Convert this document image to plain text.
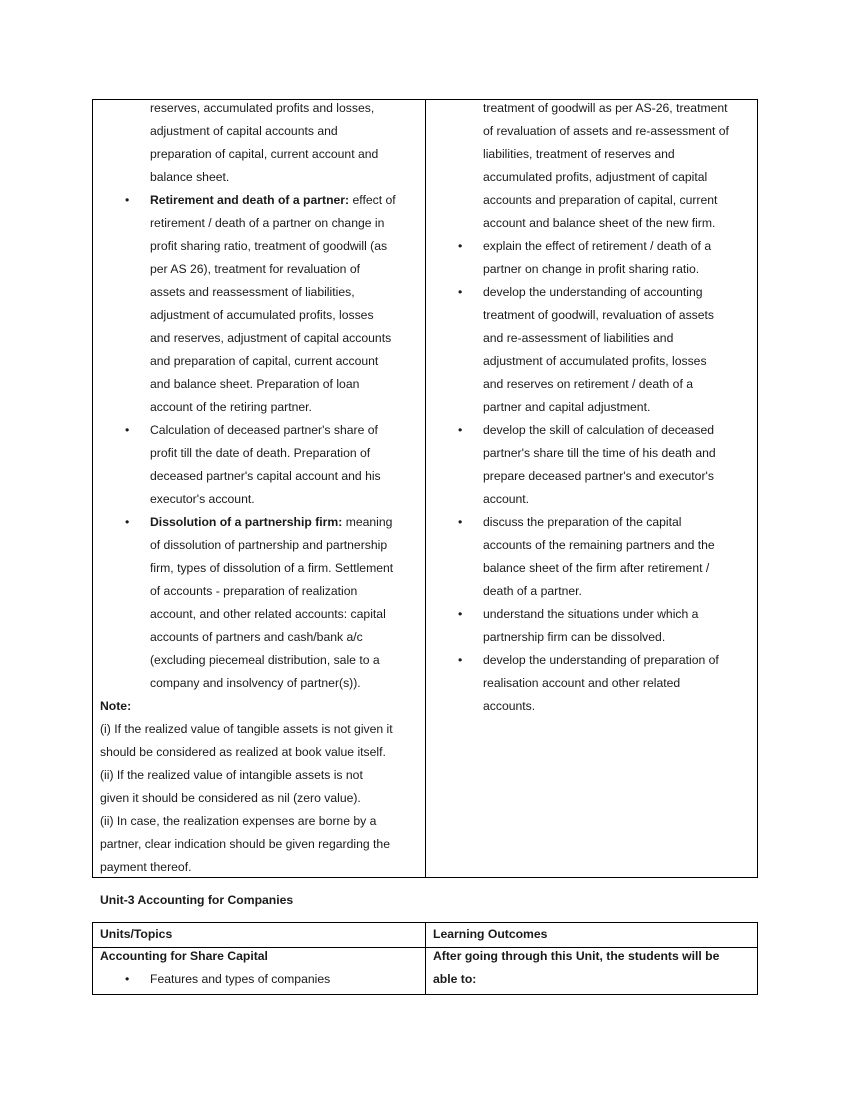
reserves, accumulated profits and losses,
adjustment of capital accounts and
preparation of capital, current account and
balance sheet.
• Retirement and death of a partner: effect of
retirement / death of a partner on change in
profit sharing ratio, treatment of goodwill (as
per AS 26), treatment for revaluation of
assets and reassessment of liabilities,
adjustment of accumulated profits, losses
and reserves, adjustment of capital accounts
and preparation of capital, current account
and balance sheet. Preparation of loan
account of the retiring partner.
• Calculation of deceased partner's share of
profit till the date of death. Preparation of
deceased partner's capital account and his
executor's account.
• Dissolution of a partnership firm: meaning
of dissolution of partnership and partnership
firm, types of dissolution of a firm. Settlement
of accounts - preparation of realization
account, and other related accounts: capital
accounts of partners and cash/bank a/c
(excluding piecemeal distribution, sale to a
company and insolvency of partner(s)).
Note:
(i) If the realized value of tangible assets is not given it
should be considered as realized at book value itself.
(ii) If the realized value of intangible assets is not
given it should be considered as nil (zero value).
(ii) In case, the realization expenses are borne by a
partner, clear indication should be given regarding the
payment thereof.
treatment of goodwill as per AS-26, treatment
of revaluation of assets and re-assessment of
liabilities, treatment of reserves and
accumulated profits, adjustment of capital
accounts and preparation of capital, current
account and balance sheet of the new firm.
• explain the effect of retirement / death of a
partner on change in profit sharing ratio.
• develop the understanding of accounting
treatment of goodwill, revaluation of assets
and re-assessment of liabilities and
adjustment of accumulated profits, losses
and reserves on retirement / death of a
partner and capital adjustment.
• develop the skill of calculation of deceased
partner's share till the time of his death and
prepare deceased partner's and executor's
account.
• discuss the preparation of the capital
accounts of the remaining partners and the
balance sheet of the firm after retirement /
death of a partner.
• understand the situations under which a
partnership firm can be dissolved.
• develop the understanding of preparation of
realisation account and other related
accounts.
Unit-3 Accounting for Companies
Units/Topics	Learning Outcomes
Accounting for Share Capital
• Features and types of companies
After going through this Unit, the students will be
able to:
